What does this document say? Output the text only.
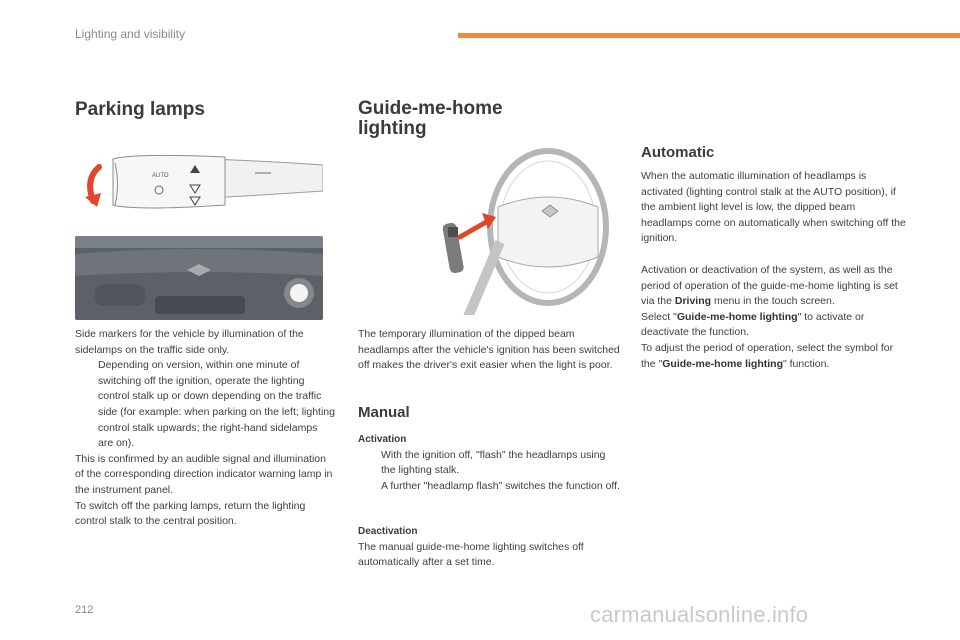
Lighting and visibility
Parking lamps
AUTO

Side markers for the vehicle by illumination of the sidelamps on the traffic side only.

Depending on version, within one minute of switching off the ignition, operate the lighting control stalk up or down depending on the traffic side (for example: when parking on the left; lighting control stalk upwards; the right-hand sidelamps are on).

This is confirmed by an audible signal and illumination of the corresponding direction indicator warning lamp in the instrument panel.

To switch off the parking lamps, return the lighting control stalk to the central position.

Guide-me-home
lighting
The temporary illumination of the dipped beam headlamps after the vehicle's ignition has been switched off makes the driver's exit easier when the light is poor.
Manual
Activation

With the ignition off, "flash" the headlamps using the lighting stalk.

A further "headlamp flash" switches the function off.

Deactivation

The manual guide-me-home lighting switches off automatically after a set time.

Automatic
When the automatic illumination of headlamps is activated (lighting control stalk at the AUTO position), if the ambient light level is low, the dipped beam headlamps come on automatically when switching off the ignition.

Activation or deactivation of the system, as well as the period of operation of the guide-me-home lighting is set via the Driving menu in the touch screen.

Select "Guide-me-home lighting" to activate or deactivate the function.

To adjust the period of operation, select the symbol for the "Guide-me-home lighting" function.

212	carmanualsonline.info
